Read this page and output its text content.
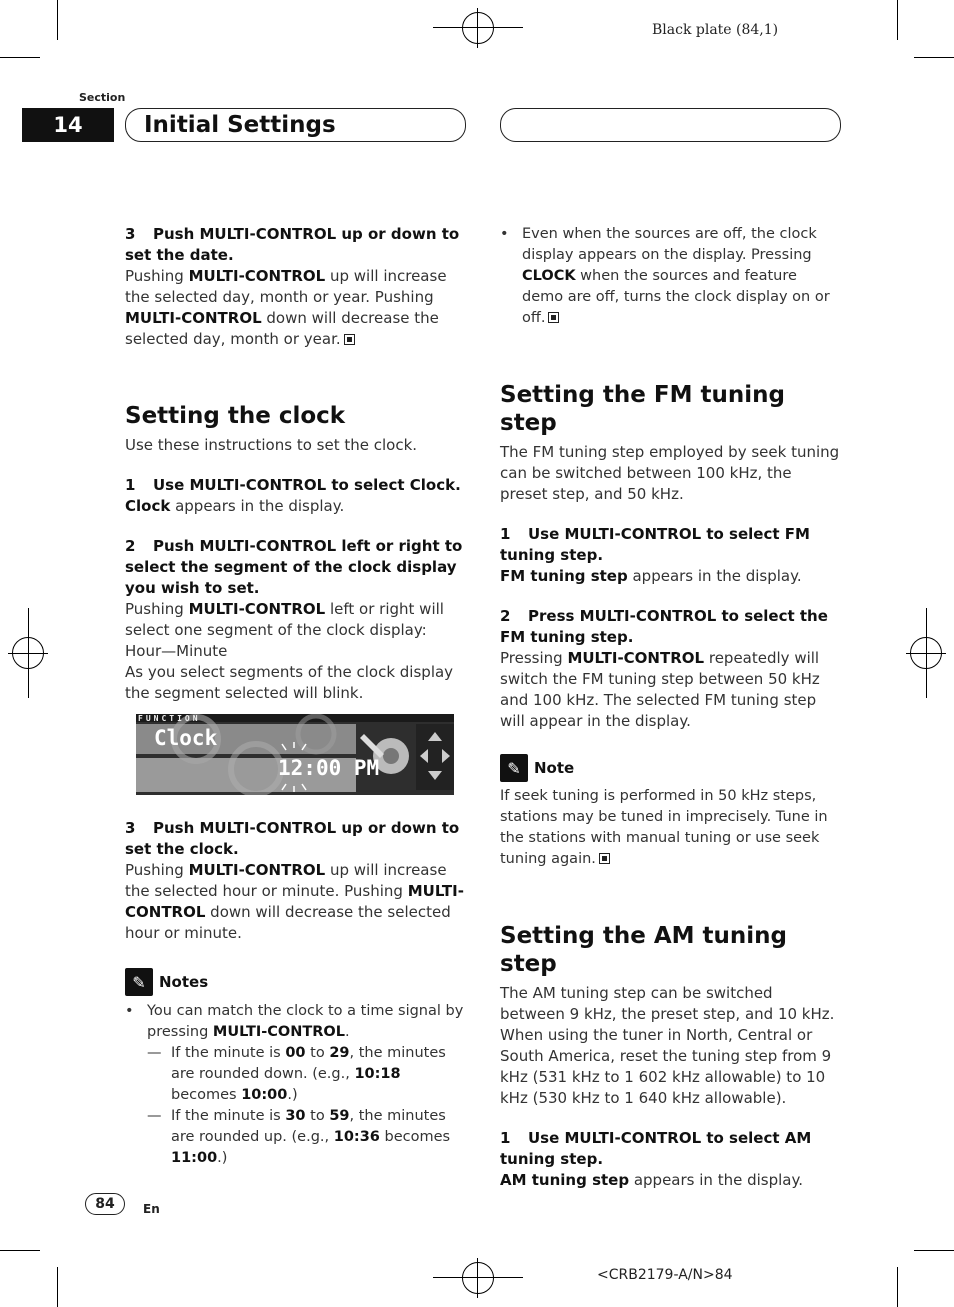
Black plate (84,1)
Section
14	Initial Settings
3 Push MULTI-CONTROL up or down to set the date.
Pushing MULTI-CONTROL up will increase the selected day, month or year. Pushing MULTI-CONTROL down will decrease the selected day, month or year.
Setting the clock
Use these instructions to set the clock.
1 Use MULTI-CONTROL to select Clock.
Clock appears in the display.
2 Push MULTI-CONTROL left or right to select the segment of the clock display you wish to set.
Pushing MULTI-CONTROL left or right will select one segment of the clock display:
Hour—Minute
As you select segments of the clock display the segment selected will blink.
FUNCTION
Clock
12:00 PM
3 Push MULTI-CONTROL up or down to set the clock.
Pushing MULTI-CONTROL up will increase the selected hour or minute. Pushing MULTI-CONTROL down will decrease the selected hour or minute.
✎ Notes
• You can match the clock to a time signal by pressing MULTI-CONTROL.
— If the minute is 00 to 29, the minutes are rounded down. (e.g., 10:18 becomes 10:00.)
— If the minute is 30 to 59, the minutes are rounded up. (e.g., 10:36 becomes 11:00.)
• Even when the sources are off, the clock display appears on the display. Pressing CLOCK when the sources and feature demo are off, turns the clock display on or off.
Setting the FM tuning step
The FM tuning step employed by seek tuning can be switched between 100 kHz, the preset step, and 50 kHz.
1 Use MULTI-CONTROL to select FM tuning step.
FM tuning step appears in the display.
2 Press MULTI-CONTROL to select the FM tuning step.
Pressing MULTI-CONTROL repeatedly will switch the FM tuning step between 50 kHz and 100 kHz. The selected FM tuning step will appear in the display.
✎ Note
If seek tuning is performed in 50 kHz steps, stations may be tuned in imprecisely. Tune in the stations with manual tuning or use seek tuning again.
Setting the AM tuning step
The AM tuning step can be switched between 9 kHz, the preset step, and 10 kHz. When using the tuner in North, Central or South America, reset the tuning step from 9 kHz (531 kHz to 1 602 kHz allowable) to 10 kHz (530 kHz to 1 640 kHz allowable).
1 Use MULTI-CONTROL to select AM tuning step.
AM tuning step appears in the display.
84	En
<CRB2179-A/N>84
